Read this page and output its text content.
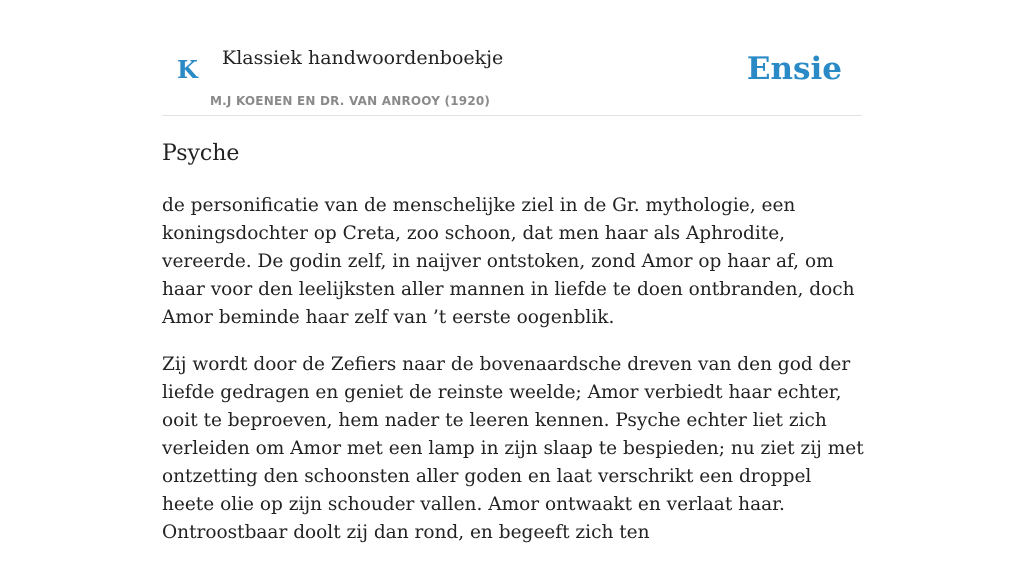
K Klassiek handwoordenboekje
M.J KOENEN EN DR. VAN ANROOY (1920)
Ensie
Psyche

de personificatie van de menschelijke ziel in de Gr. mythologie, een koningsdochter op Creta, zoo schoon, dat men haar als Aphrodite, vereerde. De godin zelf, in naijver ontstoken, zond Amor op haar af, om haar voor den leelijksten aller mannen in liefde te doen ontbranden, doch Amor beminde haar zelf van ’t eerste oogenblik.

Zij wordt door de Zefiers naar de bovenaardsche dreven van den god der liefde gedragen en geniet de reinste weelde; Amor verbiedt haar echter, ooit te beproeven, hem nader te leeren kennen. Psyche echter liet zich verleiden om Amor met een lamp in zijn slaap te bespieden; nu ziet zij met ontzetting den schoonsten aller goden en laat verschrikt een droppel heete olie op zijn schouder vallen. Amor ontwaakt en verlaat haar. Ontroostbaar doolt zij dan rond, en begeeft zich ten
